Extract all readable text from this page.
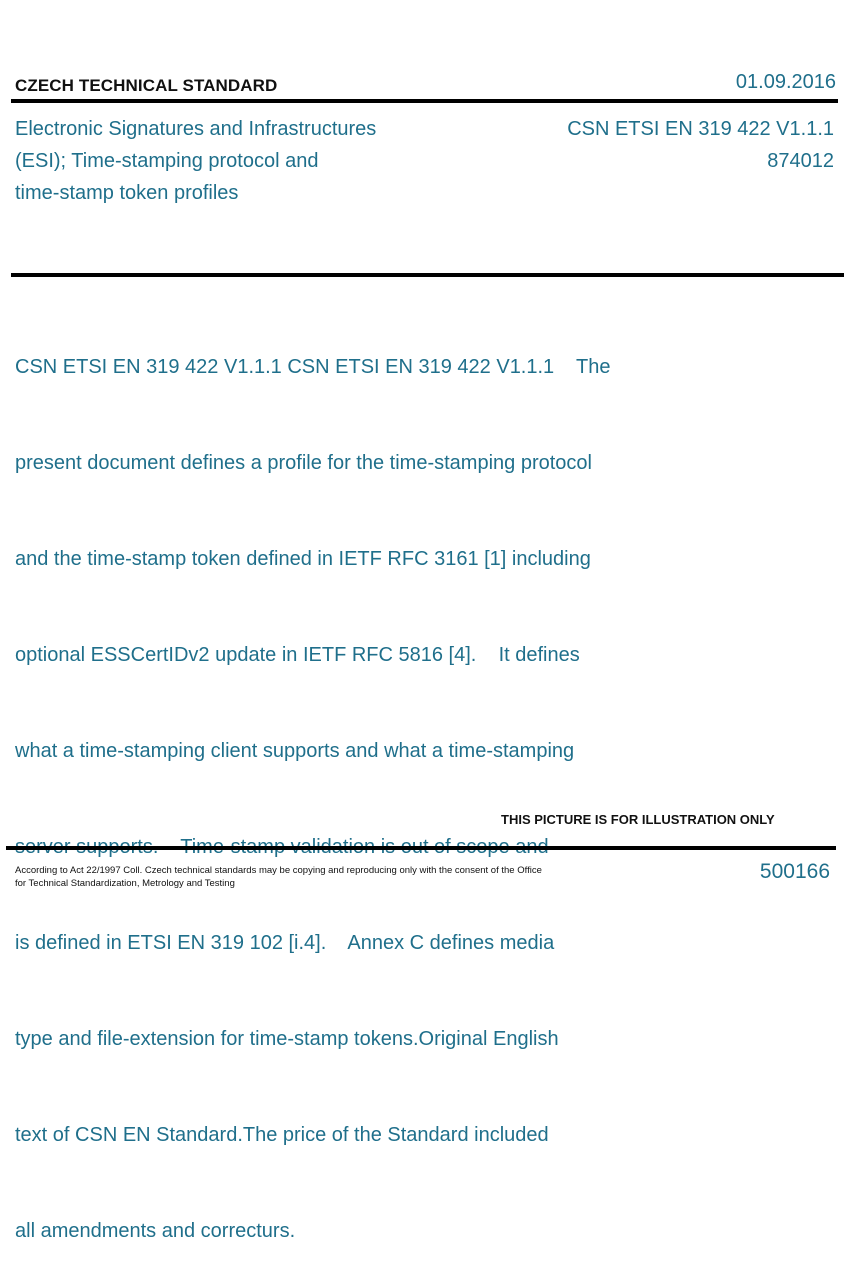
CZECH TECHNICAL STANDARD	01.09.2016
Electronic Signatures and Infrastructures
(ESI); Time-stamping protocol and
time-stamp token profiles
CSN ETSI EN 319 422 V1.1.1
874012

CSN ETSI EN 319 422 V1.1.1 CSN ETSI EN 319 422 V1.1.1    The

present document defines a profile for the time-stamping protocol

and the time-stamp token defined in IETF RFC 3161 [1] including

optional ESSCertIDv2 update in IETF RFC 5816 [4].    It defines

what a time-stamping client supports and what a time-stamping

is defined in ETSI EN 319 102 [i.4].    Annex C defines media

type and file-extension for time-stamp tokens.Original English

text of CSN EN Standard.The price of the Standard included

all amendments and correcturs.

THIS PICTURE IS FOR ILLUSTRATION ONLY
According to Act 22/1997 Coll. Czech technical standards may be copying and reproducing only with the consent of the Office
for Technical Standardization, Metrology and Testing
500166
